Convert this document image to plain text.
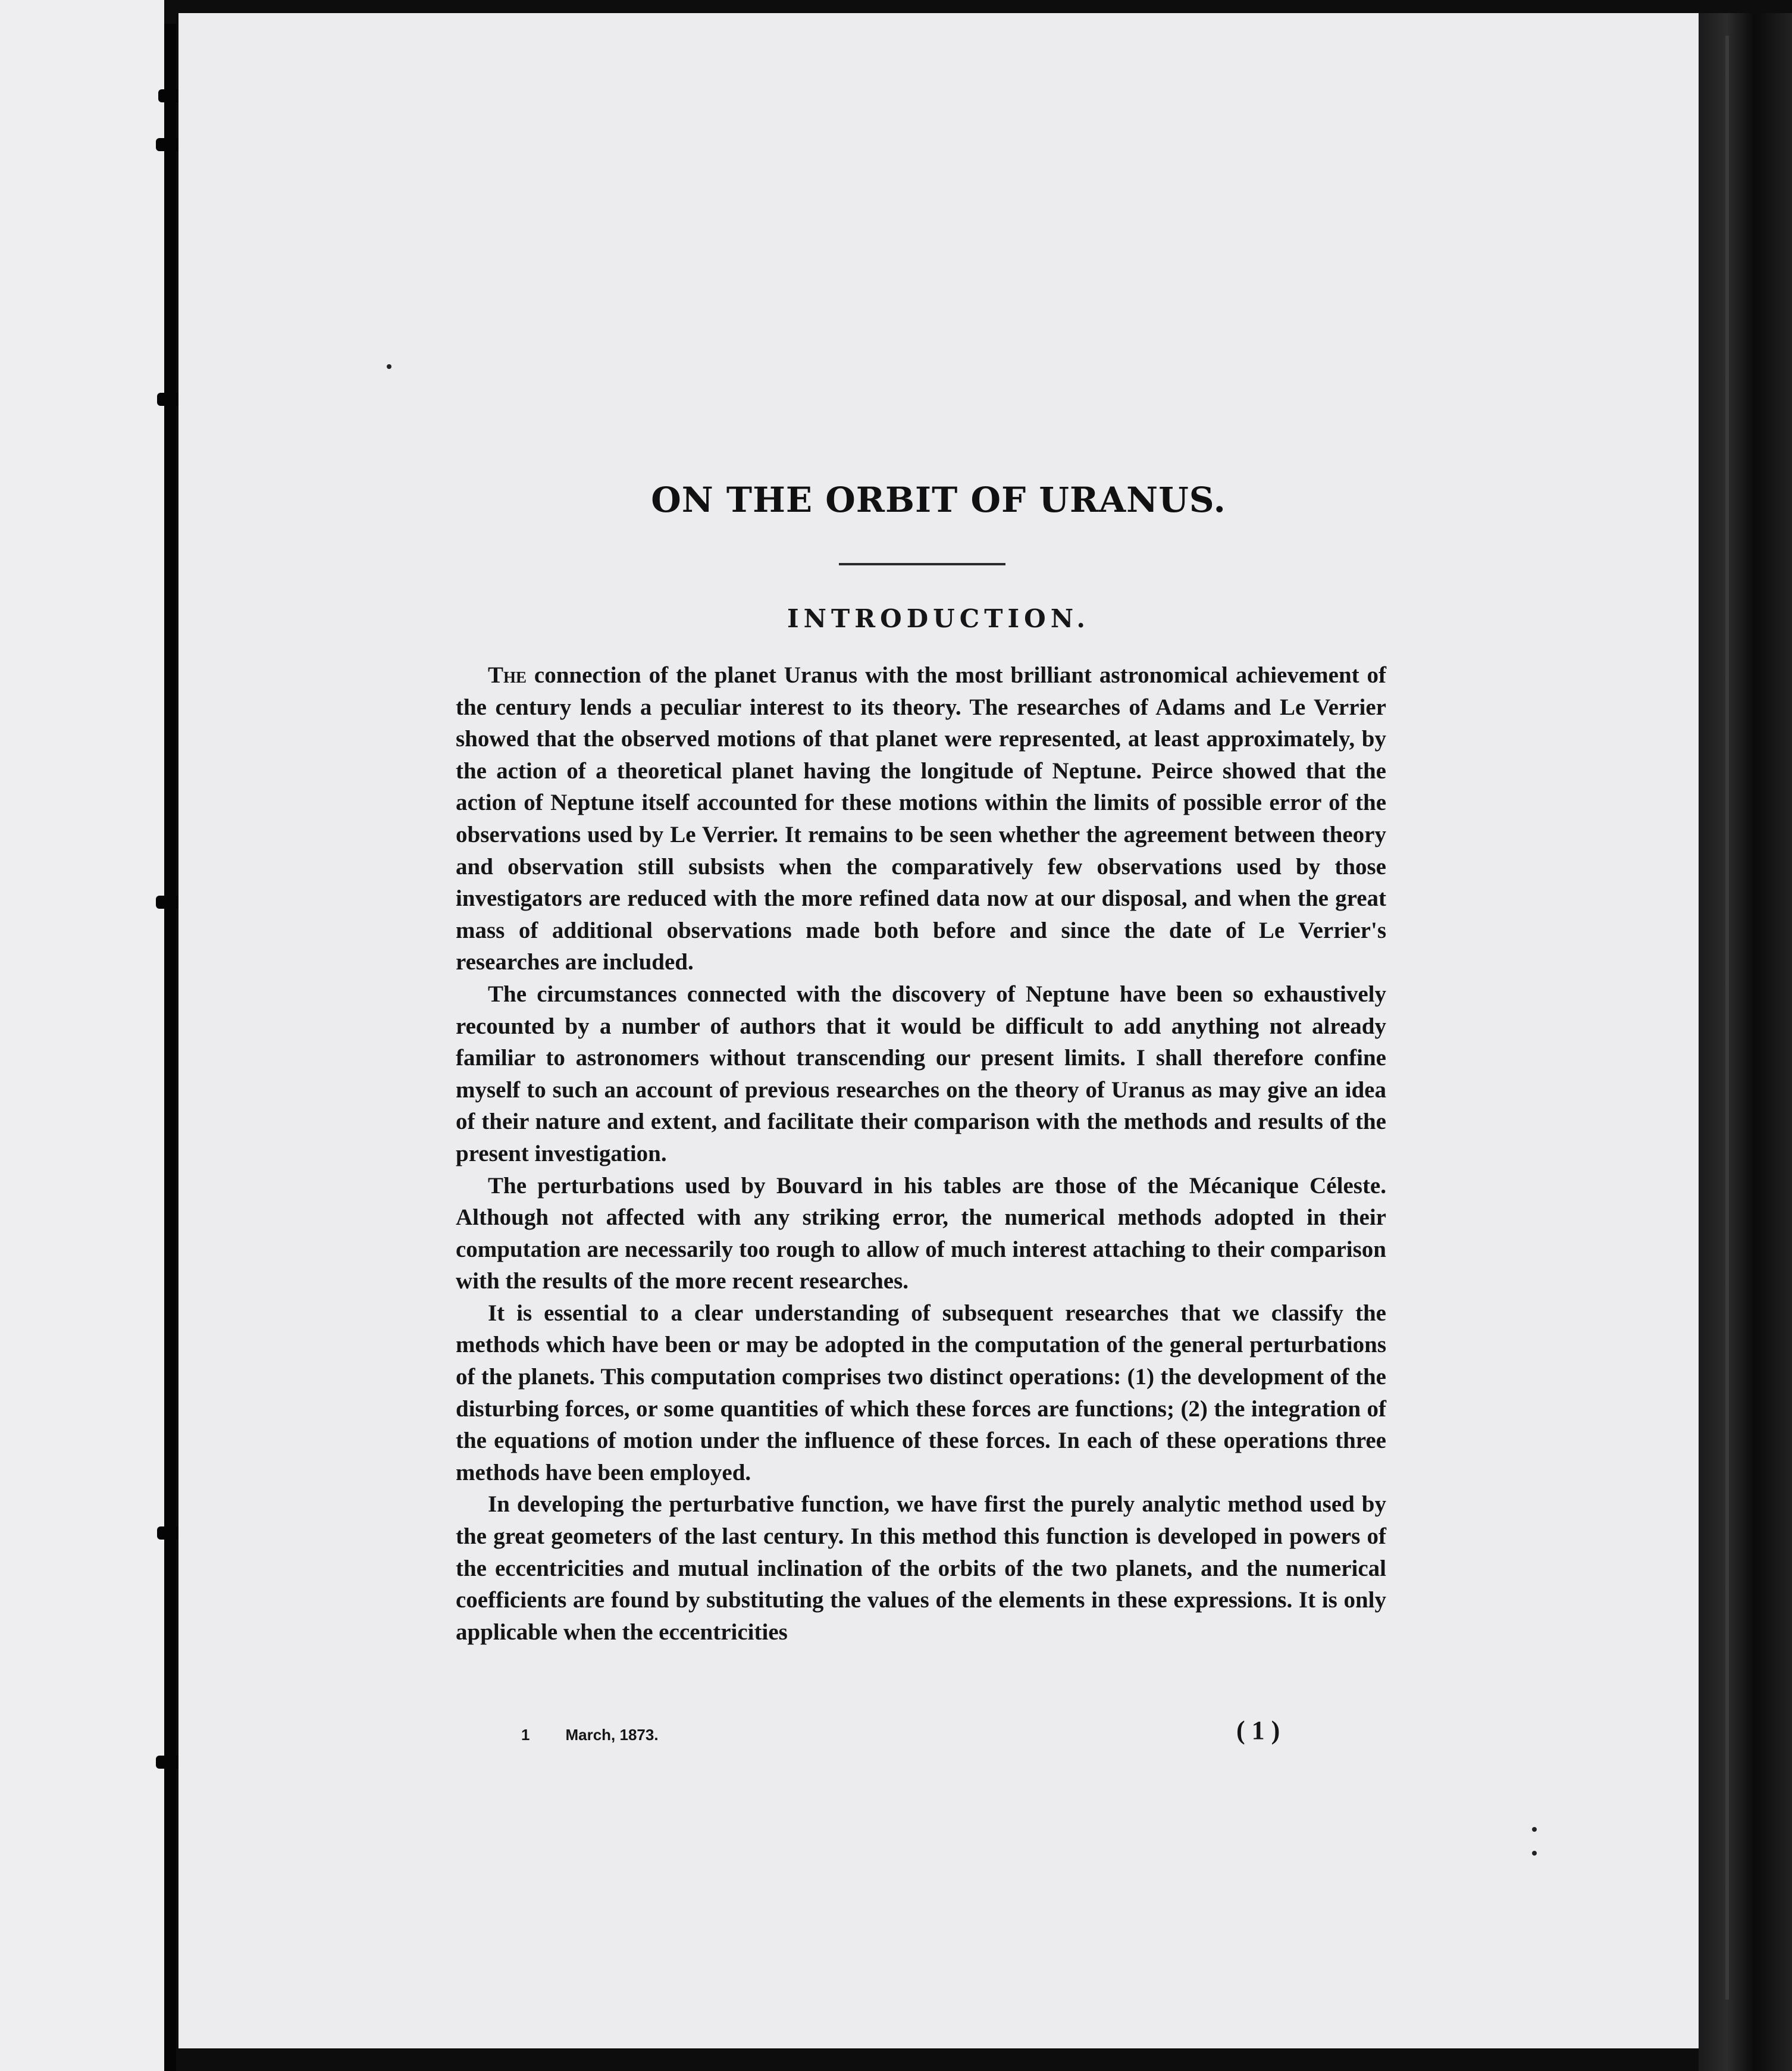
ON THE ORBIT OF URANUS.
INTRODUCTION.

The connection of the planet Uranus with the most brilliant astronomical achievement of the century lends a peculiar interest to its theory. The researches of Adams and Le Verrier showed that the observed motions of that planet were represented, at least approximately, by the action of a theoretical planet having the longitude of Neptune. Peirce showed that the action of Neptune itself accounted for these motions within the limits of possible error of the observations used by Le Verrier. It remains to be seen whether the agreement between theory and observation still subsists when the comparatively few observations used by those investigators are reduced with the more refined data now at our disposal, and when the great mass of additional observations made both before and since the date of Le Verrier's researches are included.

The circumstances connected with the discovery of Neptune have been so exhaustively recounted by a number of authors that it would be difficult to add anything not already familiar to astronomers without transcending our present limits. I shall therefore confine myself to such an account of previous researches on the theory of Uranus as may give an idea of their nature and extent, and facilitate their comparison with the methods and results of the present investigation.

The perturbations used by Bouvard in his tables are those of the Mécanique Céleste. Although not affected with any striking error, the numerical methods adopted in their computation are necessarily too rough to allow of much interest attaching to their comparison with the results of the more recent researches.

It is essential to a clear understanding of subsequent researches that we classify the methods which have been or may be adopted in the computation of the general perturbations of the planets. This computation comprises two distinct operations: (1) the development of the disturbing forces, or some quantities of which these forces are functions; (2) the integration of the equations of motion under the influence of these forces. In each of these operations three methods have been employed.

In developing the perturbative function, we have first the purely analytic method used by the great geometers of the last century. In this method this function is developed in powers of the eccentricities and mutual inclination of the orbits of the two planets, and the numerical coefficients are found by substituting the values of the elements in these expressions. It is only applicable when the eccentricities

1 March, 1873.	( 1 )
